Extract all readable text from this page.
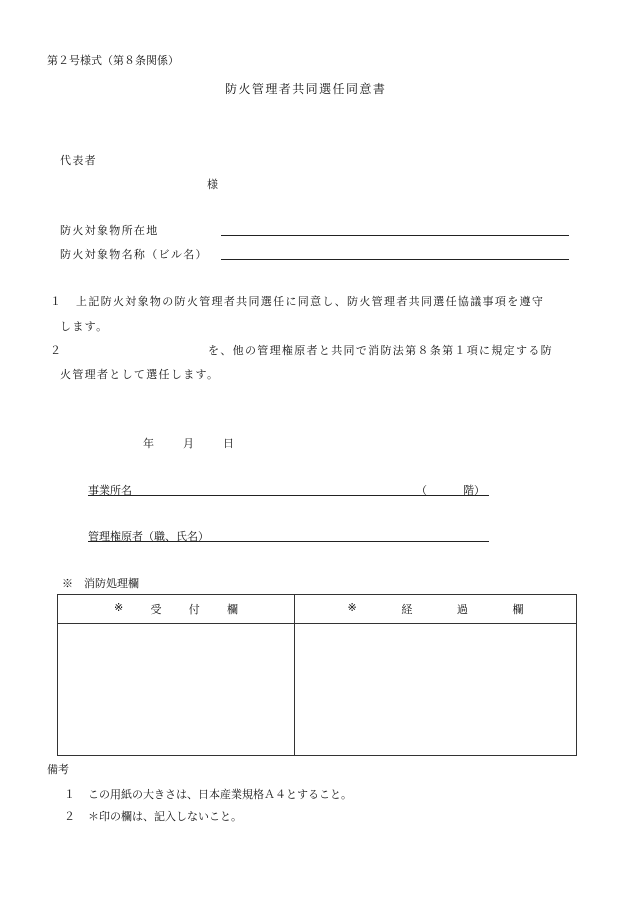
第２号様式（第８条関係）
防火管理者共同選任同意書
代表者
様
防火対象物所在地
防火対象物名称（ビル名）
１ 上記防火対象物の防火管理者共同選任に同意し、防火管理者共同選任協議事項を遵守
します。
２	を、他の管理権原者と共同で消防法第８条第１項に規定する防
火管理者として選任します。
年	月	日
事業所名	（	階）
管理権原者（職、氏名）
※　消防処理欄
※ 受 付 欄	※ 経 過 欄

備考
１ この用紙の大きさは、日本産業規格Ａ４とすること。
２ ＊印の欄は、記入しないこと。
